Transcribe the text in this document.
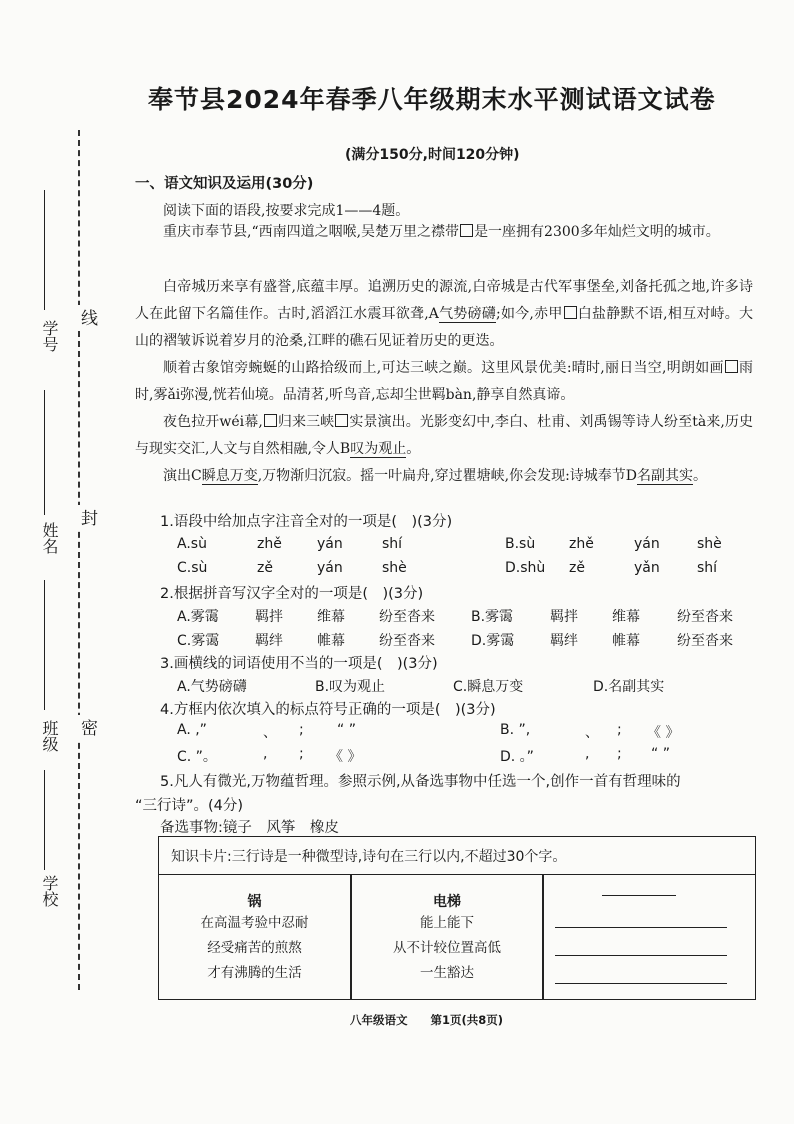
学号
姓名
班级
学校
线
封
密
奉节县2024年春季八年级期末水平测试语文试卷
(满分150分,时间120分钟)
一、语文知识及运用(30分)
阅读下面的语段,按要求完成1——4题。
重庆市奉节县,“西南四道之咽喉,吴楚万里之襟带 是一座拥有2300多年灿烂文明的城市。
白帝城历来享有盛誉,底蕴丰厚。追溯历史的源流,白帝城是古代军事堡垒,刘备托孤之地,许多诗人在此留下名篇佳作。古时,滔滔江水震耳欲聋,A气势磅礴;如今,赤甲 白盐静默不语,相互对峙。大山的褶皱诉说着岁月的沧桑,江畔的礁石见证着历史的更迭。
顺着古象馆旁蜿蜒的山路拾级而上,可达三峡之巅。这里风景优美:晴时,丽日当空,明朗如画 雨时,雾ǎi弥漫,恍若仙境。品清茗,听鸟音,忘却尘世羁bàn,静享自然真谛。
夜色拉开wéi幕, 归来三峡 实景演出。光影变幻中,李白、杜甫、刘禹锡等诗人纷至tà来,历史与现实交汇,人文与自然相融,令人B叹为观止。
演出C瞬息万变,万物渐归沉寂。摇一叶扁舟,穿过瞿塘峡,你会发现:诗城奉节D名副其实。
1.语段中给加点字注音全对的一项是(　)(3分)
A.sù	zhě	yán	shí	B.sù zhě	yán	shè
C.sù	zě	yán	shè	D.shù zě	yǎn	shí
2.根据拼音写汉字全对的一项是(　)(3分)
A.雾霭	羁拌 维幕 纷至沓来	B.雾霭	羁拌 维幕	纷至沓来
C.雾霭	羁绊 帷幕 纷至沓来	D.雾霭	羁绊 帷幕	纷至沓来
3.画横线的词语使用不当的一项是(　)(3分)
A.气势磅礴	B.叹为观止	C.瞬息万变	D.名副其实
4.方框内依次填入的标点符号正确的一项是(　)(3分)
A. ,”	、 ; “ ”	B. ”,	、 ; 《 》
C. ”。	, ; 《 》	D. 。”	, ; “ ”
5.凡人有微光,万物蕴哲理。参照示例,从备选事物中任选一个,创作一首有哲理味的
“三行诗”。(4分)
备选事物:镜子　风筝　橡皮
知识卡片:三行诗是一种微型诗,诗句在三行以内,不超过30个字。
锅
在高温考验中忍耐
经受痛苦的煎熬
才有沸腾的生活
电梯
能上能下
从不计较位置高低
一生豁达
八年级语文　　第1页(共8页)
